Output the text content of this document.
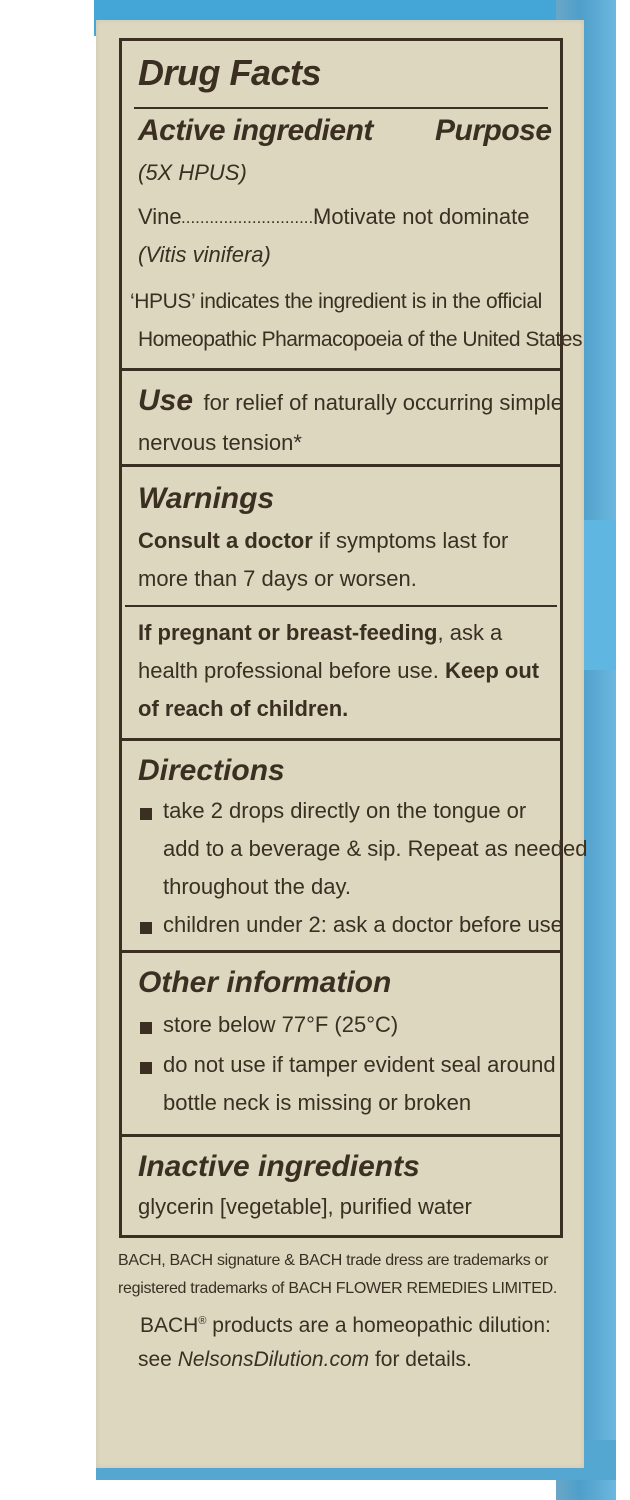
Drug Facts
Active ingredient Purpose
(5X HPUS)
Vine ..............................
Motivate not dominate
(Vitis vinifera)
‘HPUS’ indicates the ingredient is in the official
Homeopathic Pharmacopoeia of the United States
Use for relief of naturally occurring simple
nervous tension*
Warnings
Consult a doctor if symptoms last for
more than 7 days or worsen.
If pregnant or breast-feeding, ask a
health professional before use. Keep out
of reach of children.
Directions
take 2 drops directly on the tongue or
add to a beverage & sip. Repeat as needed
throughout the day.
children under 2: ask a doctor before use
Other information
store below 77°F (25°C)
do not use if tamper evident seal around
bottle neck is missing or broken
Inactive ingredients
glycerin [vegetable], purified water
BACH, BACH signature & BACH trade dress are trademarks or
registered trademarks of BACH FLOWER REMEDIES LIMITED.
BACH® products are a homeopathic dilution:
see NelsonsDilution.com for details.
